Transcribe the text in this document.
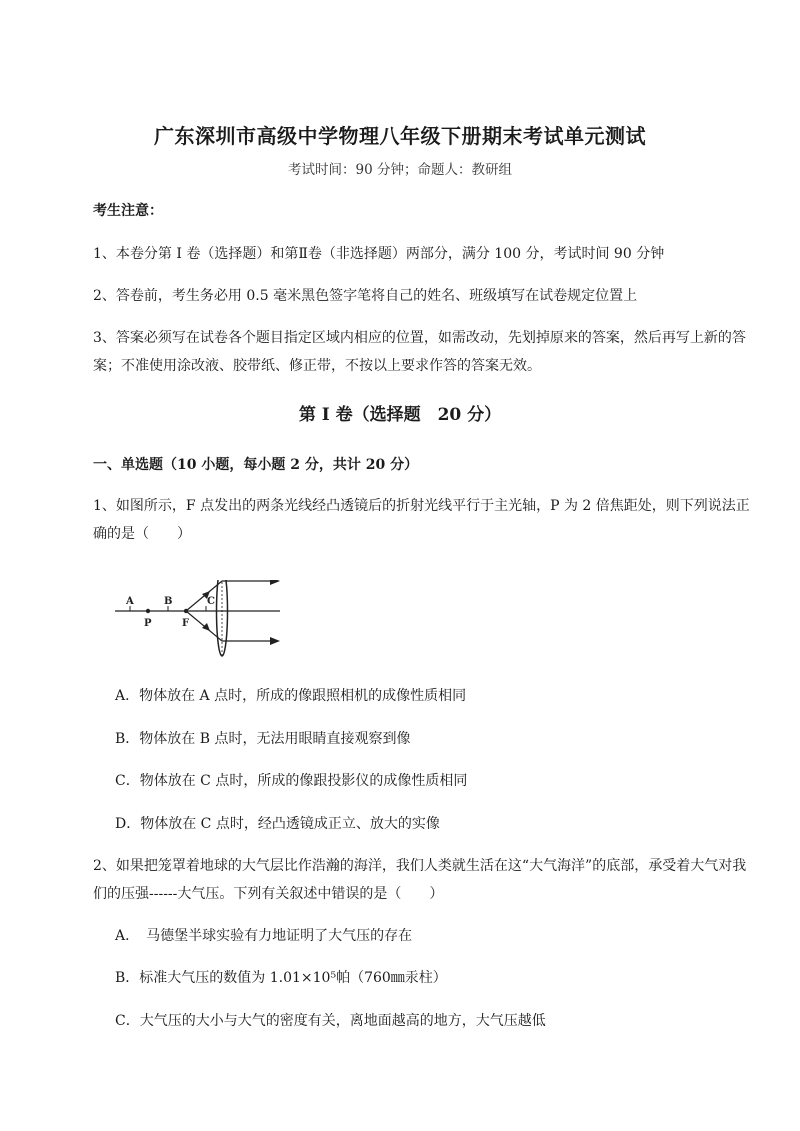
广东深圳市高级中学物理八年级下册期末考试单元测试
考试时间：90 分钟；命题人：教研组
考生注意：
1、本卷分第 I 卷（选择题）和第Ⅱ卷（非选择题）两部分，满分 100 分，考试时间 90 分钟
2、答卷前，考生务必用 0.5 毫米黑色签字笔将自己的姓名、班级填写在试卷规定位置上
3、答案必须写在试卷各个题目指定区域内相应的位置，如需改动，先划掉原来的答案，然后再写上新的答案；不准使用涂改液、胶带纸、修正带，不按以上要求作答的答案无效。
第 I 卷（选择题　20 分）
一、单选题（10 小题，每小题 2 分，共计 20 分）
1、如图所示，F 点发出的两条光线经凸透镜后的折射光线平行于主光轴，P 为 2 倍焦距处，则下列说法正确的是（　　）
A	B	C
P	F
A．物体放在 A 点时，所成的像跟照相机的成像性质相同
B．物体放在 B 点时，无法用眼睛直接观察到像
C．物体放在 C 点时，所成的像跟投影仪的成像性质相同
D．物体放在 C 点时，经凸透镜成正立、放大的实像
2、如果把笼罩着地球的大气层比作浩瀚的海洋，我们人类就生活在这“大气海洋”的底部，承受着大气对我们的压强------大气压。下列有关叙述中错误的是（　　）
A．　马德堡半球实验有力地证明了大气压的存在
B．标准大气压的数值为 1.01×10⁵帕（760㎜汞柱）
C．大气压的大小与大气的密度有关，离地面越高的地方，大气压越低
